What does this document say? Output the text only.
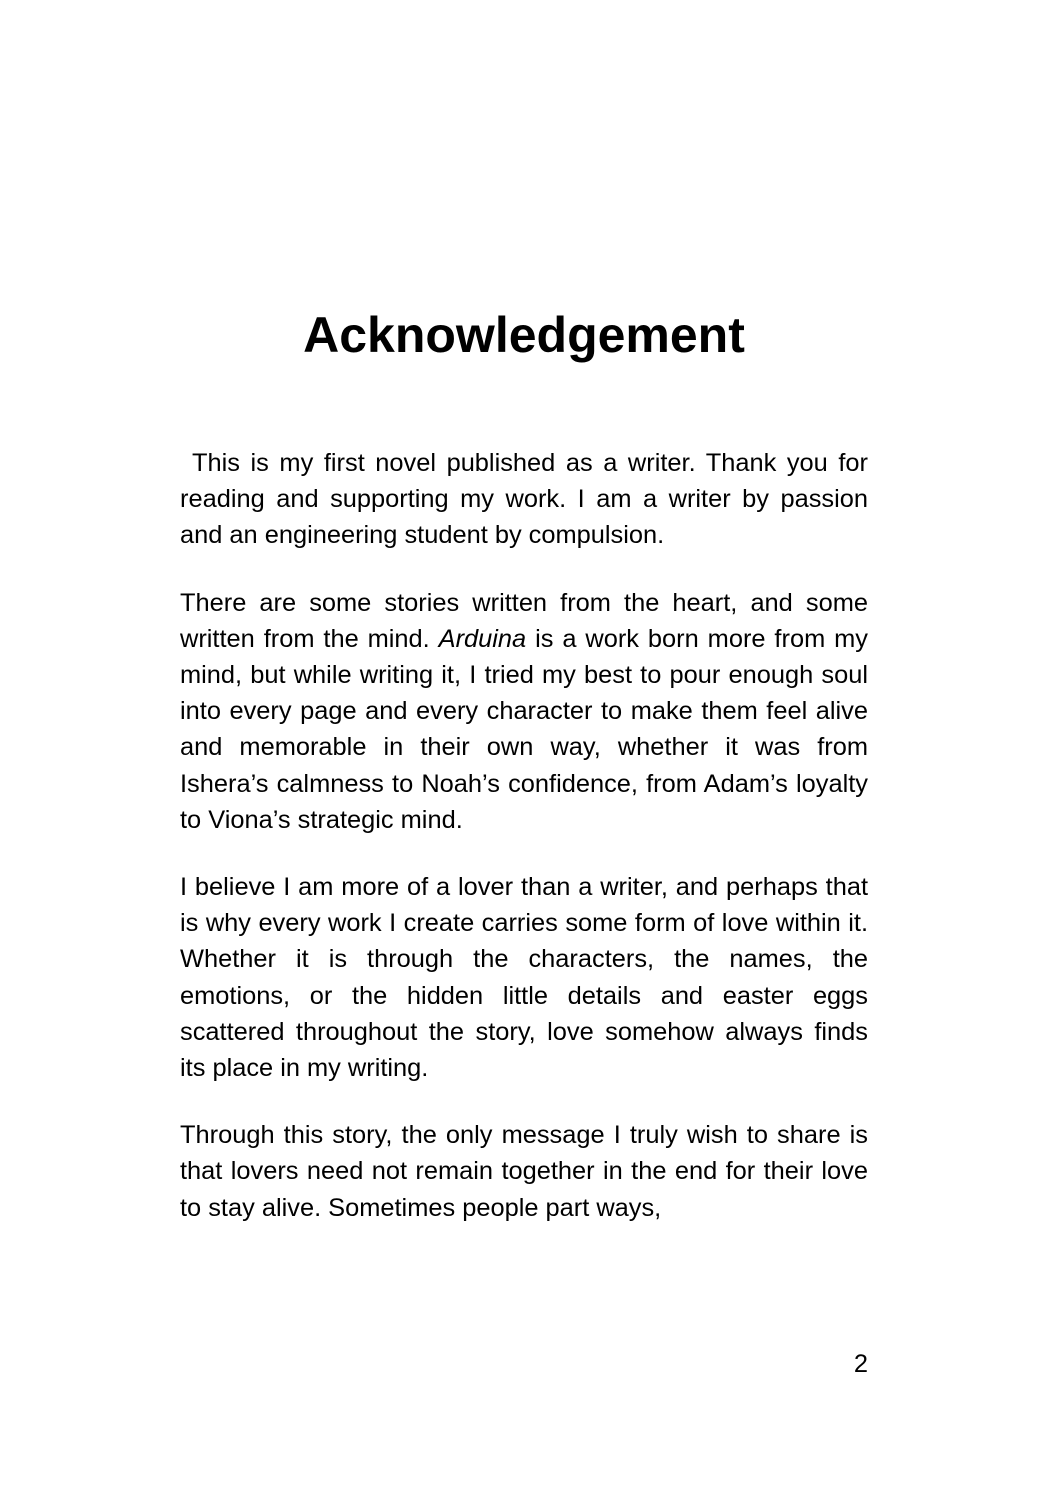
Acknowledgement

This is my first novel published as a writer. Thank you for reading and supporting my work. I am a writer by passion and an engineering student by compulsion.

There are some stories written from the heart, and some written from the mind. Arduina is a work born more from my mind, but while writing it, I tried my best to pour enough soul into every page and every character to make them feel alive and memorable in their own way, whether it was from Ishera’s calmness to Noah’s confidence, from Adam’s loyalty to Viona’s strategic mind.

I believe I am more of a lover than a writer, and perhaps that is why every work I create carries some form of love within it. Whether it is through the characters, the names, the emotions, or the hidden little details and easter eggs scattered throughout the story, love somehow always finds its place in my writing.

Through this story, the only message I truly wish to share is that lovers need not remain together in the end for their love to stay alive. Sometimes people part ways,

2
